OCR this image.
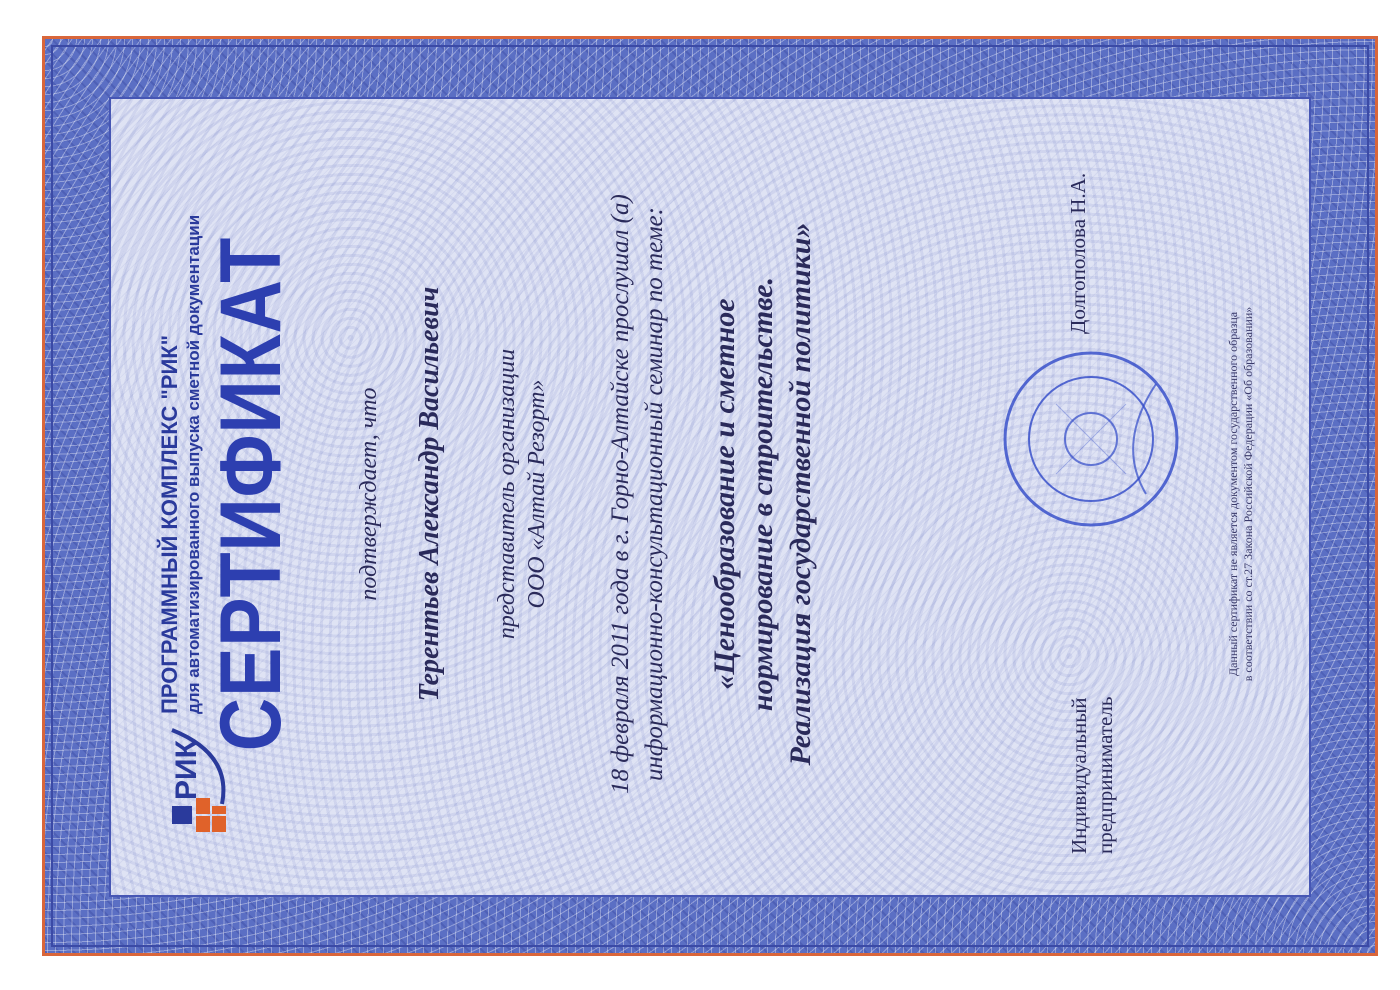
РИК
ПРОГРАММНЫЙ КОМПЛЕКС "РИК" для автоматизированного выпуска сметной документации СЕРТИФИКАТ подтверждает, что Терентьев Александр Васильевич представитель организации ООО «Алтай Резорт» 18 февраля 2011 года в г. Горно-Алтайске прослушал (а) информационно-консультационный семинар по теме: «Ценообразование и сметное нормирование в строительстве. Реализация государственной политики»
Индивидуальный предприниматель
Долгополова Н.А.
Данный сертификат не является документом государственного образца в соответствии со ст.27 Закона Российской Федерации «Об образовании»
